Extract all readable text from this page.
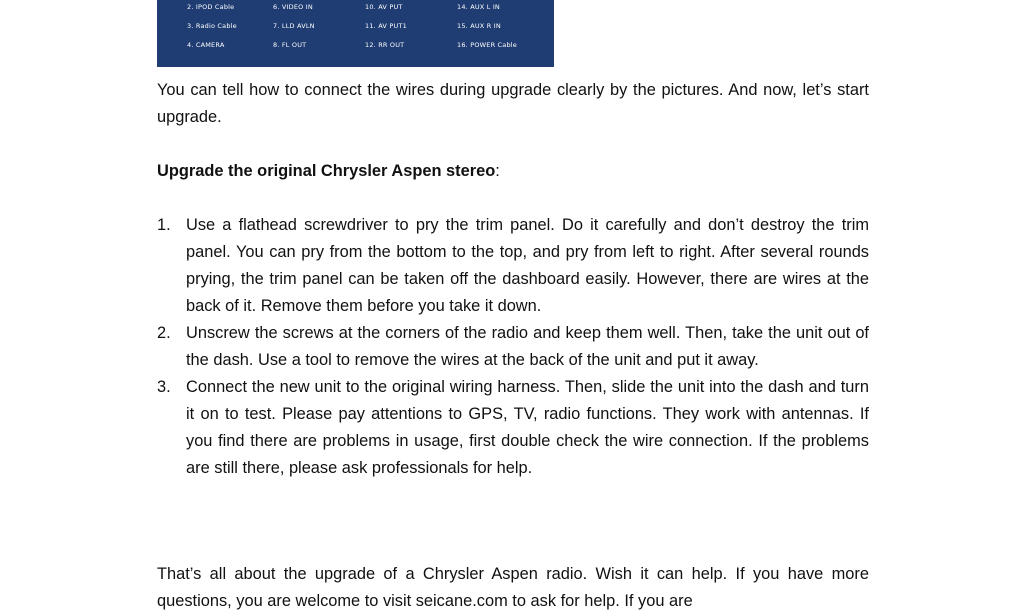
2. IPOD Cable	6. VIDEO IN	10. AV PUT	14. AUX L IN
3. Radio Cable	7. LLD AVLN	11. AV PUT1	15. AUX R IN
4. CAMERA	8. FL OUT	12. RR OUT	16. POWER Cable
You can tell how to connect the wires during upgrade clearly by the pictures. And now, let’s start upgrade.
Upgrade the original Chrysler Aspen stereo:
1. Use a flathead screwdriver to pry the trim panel. Do it carefully and don’t destroy the trim panel. You can pry from the bottom to the top, and pry from left to right. After several rounds prying, the trim panel can be taken off the dashboard easily. However, there are wires at the back of it. Remove them before you take it down.
2. Unscrew the screws at the corners of the radio and keep them well. Then, take the unit out of the dash. Use a tool to remove the wires at the back of the unit and put it away.
3. Connect the new unit to the original wiring harness. Then, slide the unit into the dash and turn it on to test. Please pay attentions to GPS, TV, radio functions. They work with antennas. If you find there are problems in usage, first double check the wire connection. If the problems are still there, please ask professionals for help.
That’s all about the upgrade of a Chrysler Aspen radio. Wish it can help. If you have more questions, you are welcome to visit seicane.com to ask for help. If you are
